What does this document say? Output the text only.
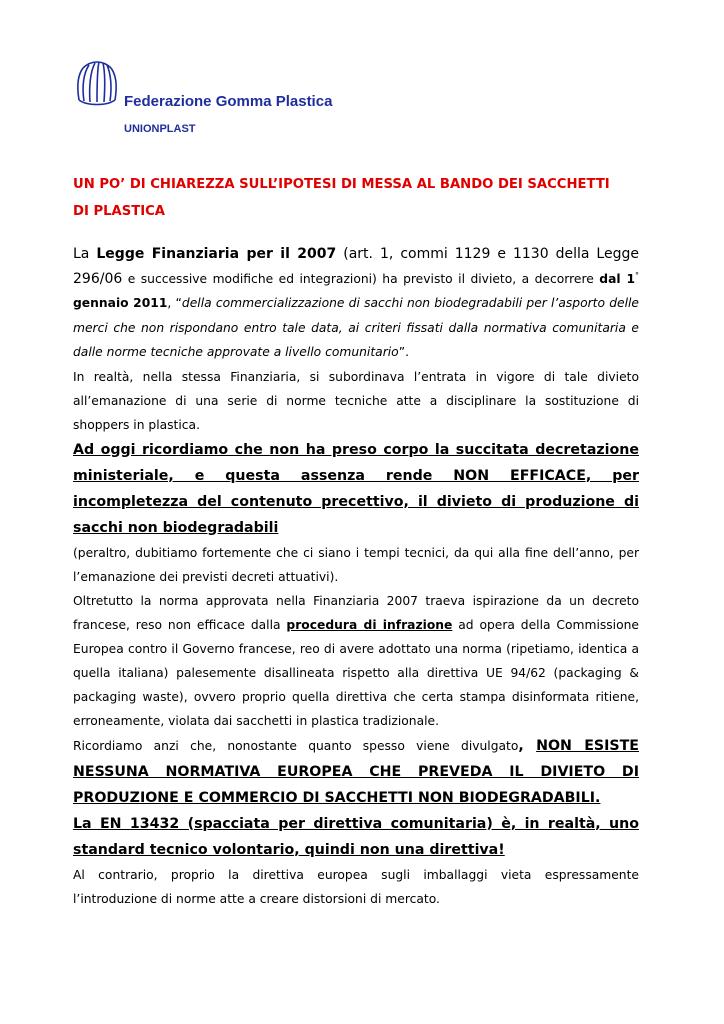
Federazione Gomma Plastica
UNIONPLAST
UN PO’ DI CHIAREZZA SULL’IPOTESI DI MESSA AL BANDO DEI SACCHETTI
DI PLASTICA

La Legge Finanziaria per il 2007 (art. 1, commi 1129 e 1130 della Legge 296/06 e successive modifiche ed integrazioni) ha previsto il divieto, a decorrere dal 1° gennaio 2011, “della commercializzazione di sacchi non biodegradabili per l’asporto delle merci che non rispondano entro tale data, ai criteri fissati dalla normativa comunitaria e dalle norme tecniche approvate a livello comunitario”.

In realtà, nella stessa Finanziaria, si subordinava l’entrata in vigore di tale divieto all’emanazione di una serie di norme tecniche atte a disciplinare la sostituzione di shoppers in plastica.

Ad oggi ricordiamo che non ha preso corpo la succitata decretazione ministeriale, e questa assenza rende NON EFFICACE, per incompletezza del contenuto precettivo, il divieto di produzione di sacchi non biodegradabili

(peraltro, dubitiamo fortemente che ci siano i tempi tecnici, da qui alla fine dell’anno, per l’emanazione dei previsti decreti attuativi).

Oltretutto la norma approvata nella Finanziaria 2007 traeva ispirazione da un decreto francese, reso non efficace dalla procedura di infrazione ad opera della Commissione Europea contro il Governo francese, reo di avere adottato una norma (ripetiamo, identica a quella italiana) palesemente disallineata rispetto alla direttiva UE 94/62 (packaging & packaging waste), ovvero proprio quella direttiva che certa stampa disinformata ritiene, erroneamente, violata dai sacchetti in plastica tradizionale.

Ricordiamo anzi che, nonostante quanto spesso viene divulgato, NON ESISTE NESSUNA NORMATIVA EUROPEA CHE PREVEDA IL DIVIETO DI PRODUZIONE E COMMERCIO DI SACCHETTI NON BIODEGRADABILI.

La EN 13432 (spacciata per direttiva comunitaria) è, in realtà, uno standard tecnico volontario, quindi non una direttiva!

Al contrario, proprio la direttiva europea sugli imballaggi vieta espressamente l’introduzione di norme atte a creare distorsioni di mercato.
